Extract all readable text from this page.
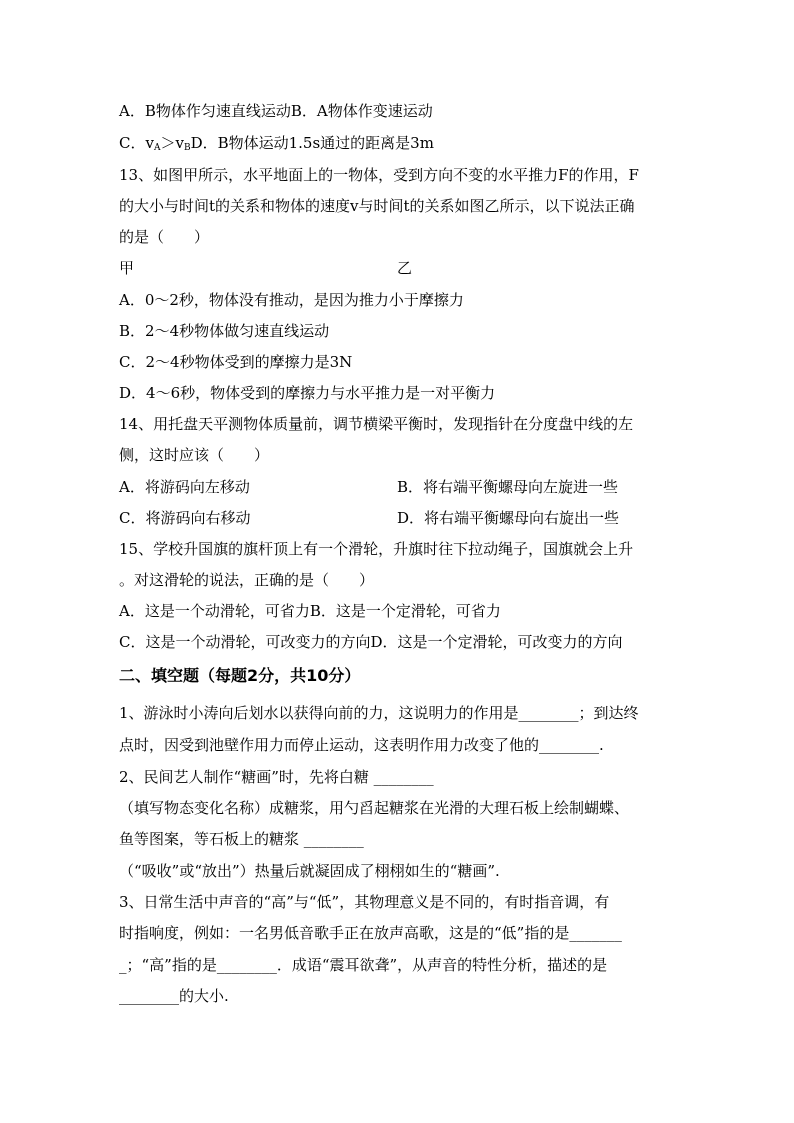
A．B物体作匀速直线运动B．A物体作变速运动
C．$v_A>v_BD$．B物体运动1.5s通过的距离是3m
13、如图甲所示，水平地面上的一物体，受到方向不变的水平推力F的作用，F
的大小与时间t的关系和物体的速度v与时间t的关系如图乙所示，以下说法正确
的是（　　）
甲	乙
A．0～2秒，物体没有推动，是因为推力小于摩擦力
B．2～4秒物体做匀速直线运动
C．2～4秒物体受到的摩擦力是3N
D．4～6秒，物体受到的摩擦力与水平推力是一对平衡力
14、用托盘天平测物体质量前，调节横梁平衡时，发现指针在分度盘中线的左
侧，这时应该（　　）
A．将游码向左移动	B．将右端平衡螺母向左旋进一些
C．将游码向右移动	D．将右端平衡螺母向右旋出一些
15、学校升国旗的旗杆顶上有一个滑轮，升旗时往下拉动绳子，国旗就会上升
。对这滑轮的说法，正确的是（　　）
A．这是一个动滑轮，可省力B．这是一个定滑轮，可省力
C．这是一个动滑轮，可改变力的方向D．这是一个定滑轮，可改变力的方向
二、填空题（每题2分，共10分）
1、游泳时小涛向后划水以获得向前的力，这说明力的作用是________；到达终
点时，因受到池壁作用力而停止运动，这表明作用力改变了他的________.
2、民间艺人制作“糖画”时，先将白糖 ________
（填写物态变化名称）成糖浆，用勺舀起糖浆在光滑的大理石板上绘制蝴蝶、
鱼等图案，等石板上的糖浆 ________
（“吸收”或“放出”）热量后就凝固成了栩栩如生的“糖画”.
3、日常生活中声音的“高”与“低”，其物理意义是不同的，有时指音调，有
时指响度，例如：一名男低音歌手正在放声高歌，这是的“低”指的是_______
_；“高”指的是________．成语“震耳欲聋”，从声音的特性分析，描述的是
________的大小.
